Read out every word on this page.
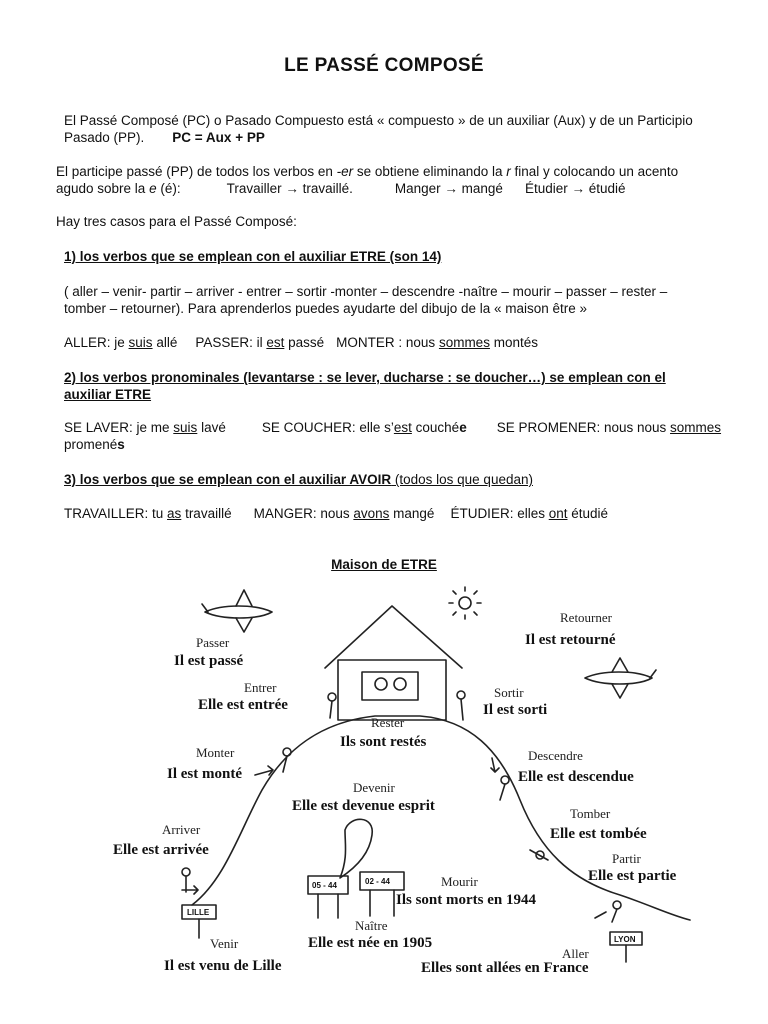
LE PASSÉ COMPOSÉ
El Passé Composé (PC) o Pasado Compuesto está « compuesto » de un auxiliar (Aux) y de un Participio
Pasado (PP). PC = Aux + PP
El participe passé (PP) de todos los verbos en -er se obtiene eliminando la r final y colocando un acento
agudo sobre la e (é):	Travailler → travaillé.	Manger → mangé Étudier → étudié
Hay tres casos para el Passé Composé:
1) los verbos que se emplean con el auxiliar ETRE (son 14)
( aller – venir- partir – arriver - entrer – sortir -monter – descendre -naître – mourir – passer – rester –
tomber – retourner). Para aprenderlos puedes ayudarte del dibujo de la « maison être »
ALLER: je suis allé PASSER: il est passé MONTER : nous sommes montés
2) los verbos pronominales (levantarse : se lever, ducharse : se doucher…) se emplean con el
auxiliar ETRE
SE LAVER: je me suis lavé	SE COUCHER: elle s’est couchée SE PROMENER: nous nous sommes
promenés
3) los verbos que se emplean con el auxiliar AVOIR (todos los que quedan)
TRAVAILLER: tu as travaillé MANGER: nous avons mangé ÉTUDIER: elles ont étudié
Maison de ETRE
LILLE
LYON
05 - 44	02 - 44
Passer
Il est passé
Entrer
Elle est entrée
Rester
Ils sont restés
Sortir
Il est sorti
Retourner
Il est retourné
Monter
Il est monté
Devenir
Elle est devenue esprit
Descendre
Elle est descendue
Tomber
Elle est tombée
Arriver
Elle est arrivée
Partir
Elle est partie
Mourir
Ils sont morts en 1944
Naître
Elle est née en 1905
Venir
Il est venu de Lille
Aller
Elles sont allées en France
